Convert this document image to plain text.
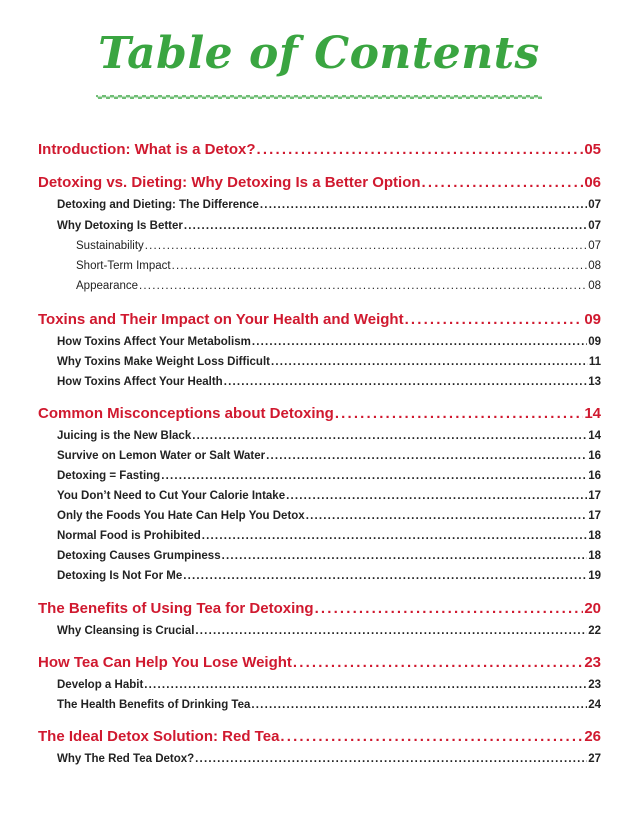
Table of Contents
Introduction: What is a Detox? . . .	05
Detoxing vs. Dieting: Why Detoxing Is a Better Option . . .	06
Detoxing and Dieting: The Difference . . .	07
Why Detoxing Is Better . . .	07
Sustainability . . .	07
Short-Term Impact . . .	08
Appearance . . .	08
Toxins and Their Impact on Your Health and Weight . . .	09
How Toxins Affect Your Metabolism . . .	09
Why Toxins Make Weight Loss Difficult . . .	11
How Toxins Affect Your Health . . .	13
Common Misconceptions about Detoxing . . .	14
Juicing is the New Black . . .	14
Survive on Lemon Water or Salt Water . . .	16
Detoxing = Fasting . . .	16
You Don’t Need to Cut Your Calorie Intake . . .	17
Only the Foods You Hate Can Help You Detox . . .	17
Normal Food is Prohibited . . .	18
Detoxing Causes Grumpiness . . .	18
Detoxing Is Not For Me . . .	19
The Benefits of Using Tea for Detoxing . . .	20
Why Cleansing is Crucial . . .	22
How Tea Can Help You Lose Weight . . .	23
Develop a Habit . . .	23
The Health Benefits of Drinking Tea . . .	24
The Ideal Detox Solution: Red Tea . . .	26
Why The Red Tea Detox? . . .	27
